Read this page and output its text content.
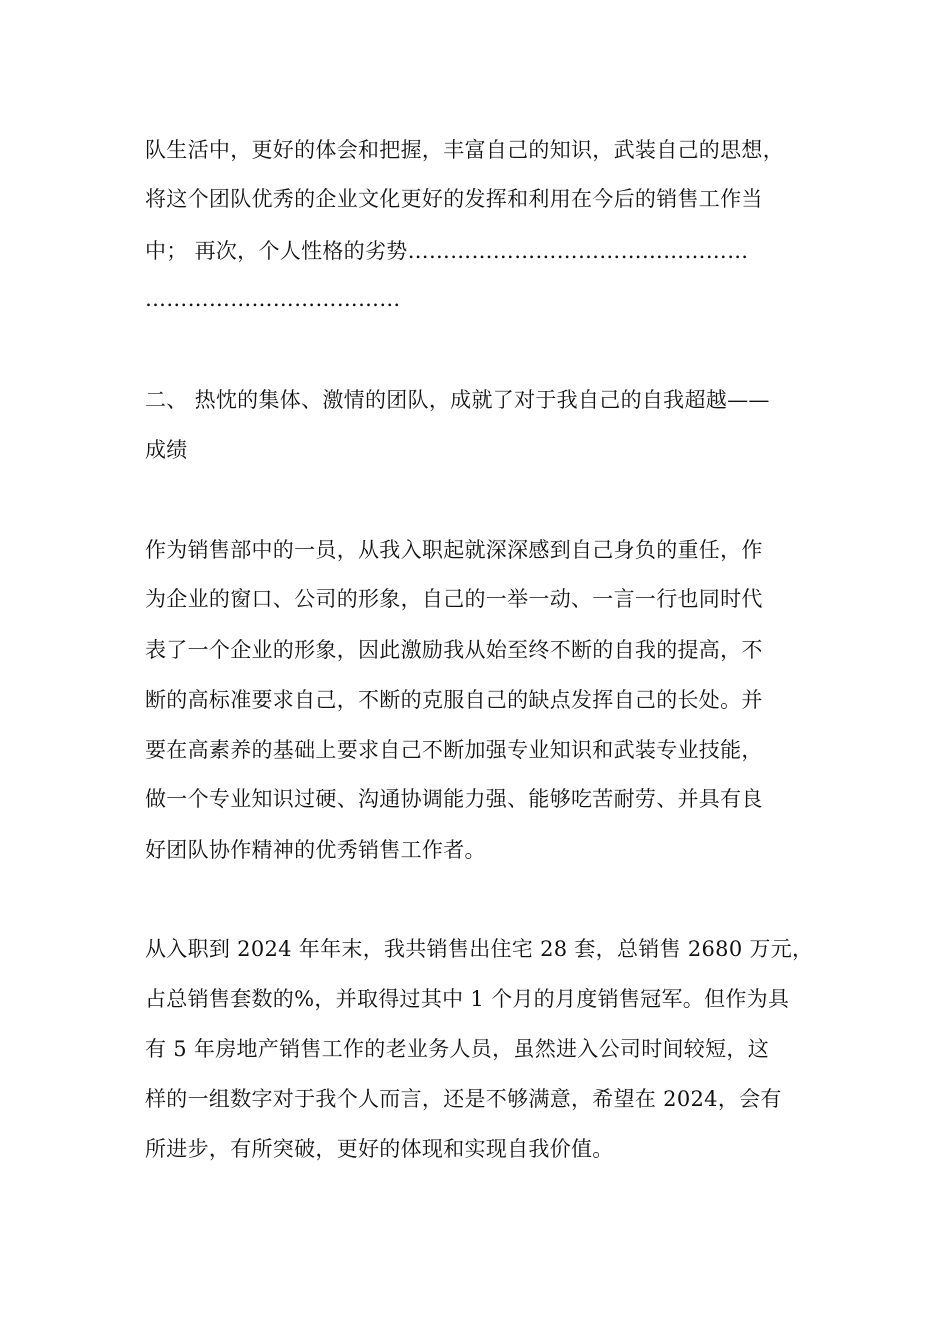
队生活中，更好的体会和把握，丰富自己的知识，武装自己的思想，
将这个团队优秀的企业文化更好的发挥和利用在今后的销售工作当
中； 再次，个人性格的劣势…………………………………………
………………………………
二、 热忱的集体、激情的团队，成就了对于我自己的自我超越——
成绩
作为销售部中的一员，从我入职起就深深感到自己身负的重任，作
为企业的窗口、公司的形象，自己的一举一动、一言一行也同时代
表了一个企业的形象，因此激励我从始至终不断的自我的提高，不
断的高标准要求自己，不断的克服自己的缺点发挥自己的长处。并
要在高素养的基础上要求自己不断加强专业知识和武装专业技能，
做一个专业知识过硬、沟通协调能力强、能够吃苦耐劳、并具有良
好团队协作精神的优秀销售工作者。
从入职到 2024 年年末，我共销售出住宅 28 套，总销售 2680 万元，
占总销售套数的%，并取得过其中 1 个月的月度销售冠军。但作为具
有 5 年房地产销售工作的老业务人员，虽然进入公司时间较短，这
样的一组数字对于我个人而言，还是不够满意，希望在 2024，会有
所进步，有所突破，更好的体现和实现自我价值。
